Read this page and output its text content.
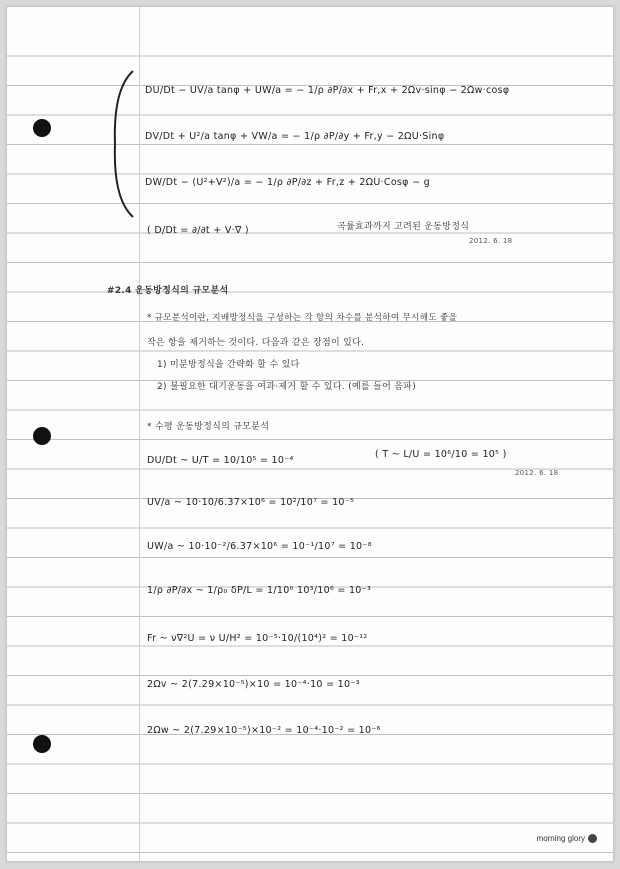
DU/Dt − UV/a tanφ + UW/a = − 1/ρ ∂P/∂x + Fr,x + 2Ωv·sinφ − 2Ωw·cosφ
DV/Dt + U²/a tanφ + VW/a = − 1/ρ ∂P/∂y + Fr,y − 2ΩU·Sinφ
DW/Dt − (U²+V²)/a = − 1/ρ ∂P/∂z + Fr,z + 2ΩU·Cosφ − g
( D/Dt = ∂/∂t + V·∇ )	곡률효과까지 고려된 운동방정식
2012. 6. 18
#2.4 운동방정식의 규모분석
* 규모분석이란, 지배방정식을 구성하는 각 항의 차수를 분석하여 무시해도 좋을
작은 항을 제거하는 것이다. 다음과 같은 장점이 있다.
1) 미분방정식을 간략화 할 수 있다
2) 불필요한 대기운동을 여과·제거 할 수 있다. (예를 들어 음파)
* 수평 운동방정식의 규모분석
DU/Dt ~ U/T = 10/10⁵ = 10⁻⁴
( T ~ L/U = 10⁶/10 = 10⁵ )
2012. 6. 18
UV/a ~ 10·10/6.37×10⁶ = 10²/10⁷ = 10⁻⁵
UW/a ~ 10·10⁻²/6.37×10⁶ = 10⁻¹/10⁷ = 10⁻⁸
1/ρ ∂P/∂x ~ 1/ρ₀ δP/L = 1/10⁰ 10³/10⁶ = 10⁻³
Fr ~ ν∇²U = ν U/H² = 10⁻⁵·10/(10⁴)² = 10⁻¹²
2Ωv ~ 2(7.29×10⁻⁵)×10 = 10⁻⁴·10 = 10⁻³
2Ωw ~ 2(7.29×10⁻⁵)×10⁻² = 10⁻⁴·10⁻² = 10⁻⁶
morning glory
